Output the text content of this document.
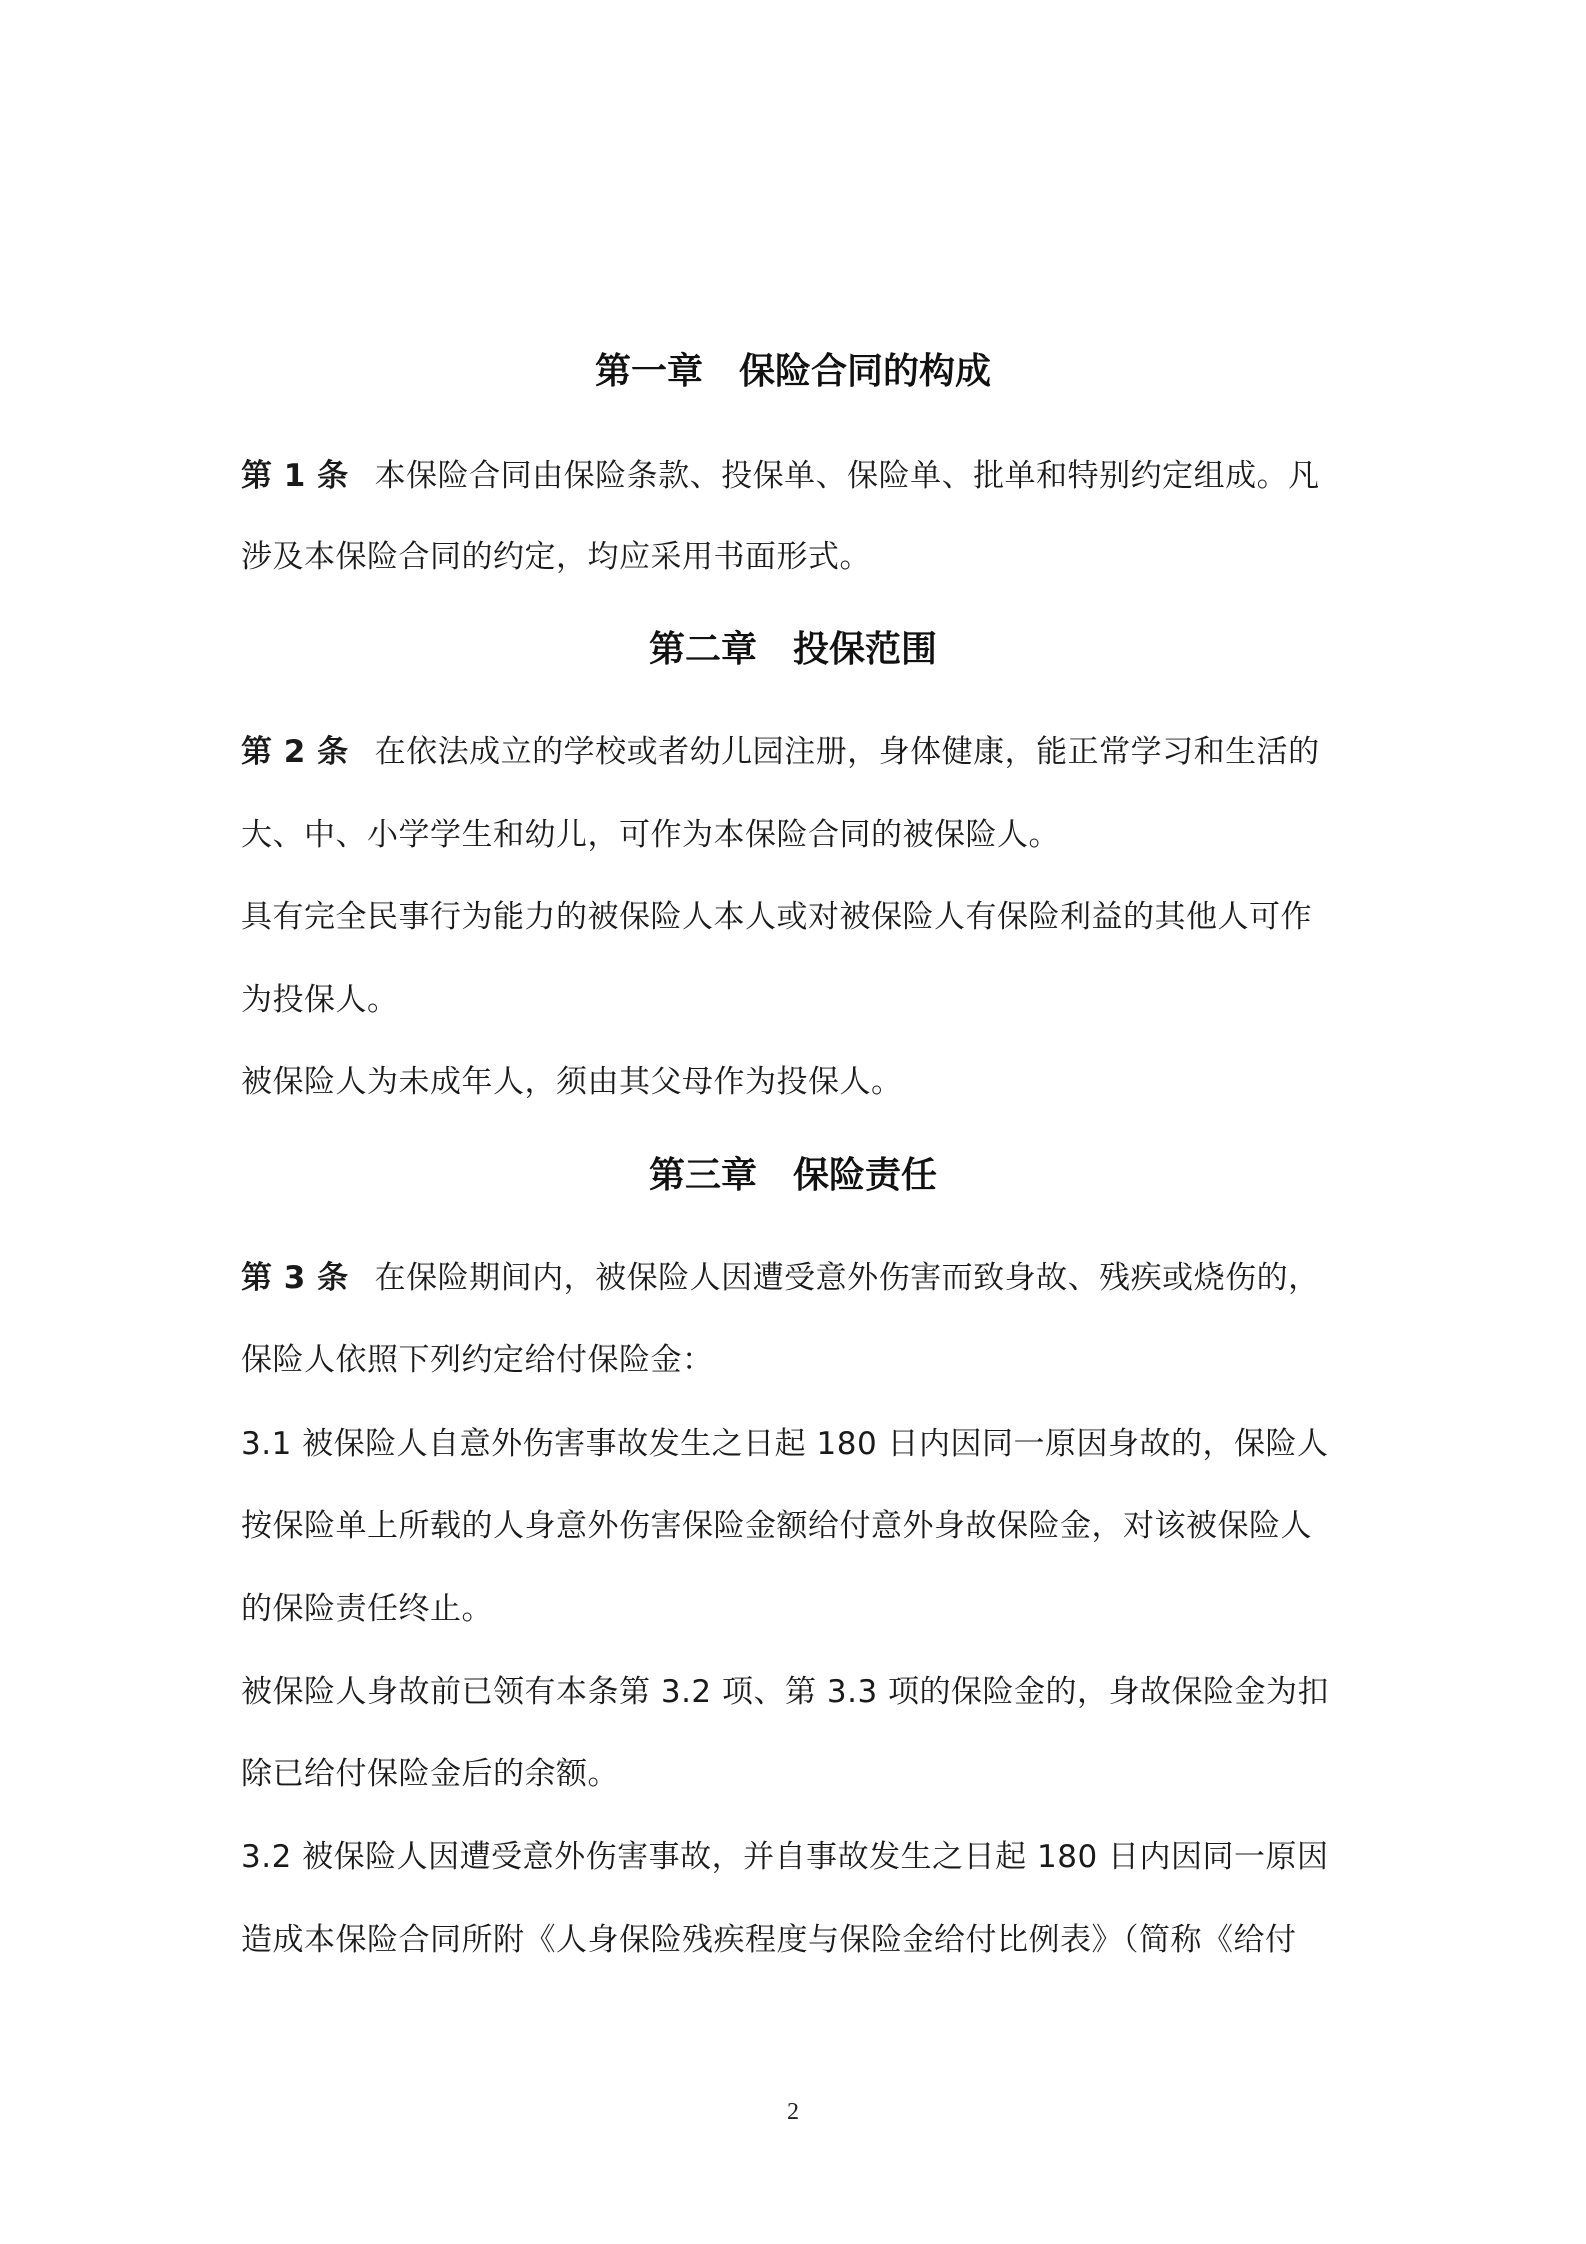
第一章　保险合同的构成
第 1 条 本保险合同由保险条款、投保单、保险单、批单和特别约定组成。凡
涉及本保险合同的约定，均应采用书面形式。
第二章　投保范围
第 2 条 在依法成立的学校或者幼儿园注册，身体健康，能正常学习和生活的
大、中、小学学生和幼儿，可作为本保险合同的被保险人。
具有完全民事行为能力的被保险人本人或对被保险人有保险利益的其他人可作
为投保人。
被保险人为未成年人，须由其父母作为投保人。
第三章　保险责任
第 3 条 在保险期间内，被保险人因遭受意外伤害而致身故、残疾或烧伤的，
保险人依照下列约定给付保险金：
3.1 被保险人自意外伤害事故发生之日起 180 日内因同一原因身故的，保险人
按保险单上所载的人身意外伤害保险金额给付意外身故保险金，对该被保险人
的保险责任终止。
被保险人身故前已领有本条第 3.2 项、第 3.3 项的保险金的，身故保险金为扣
除已给付保险金后的余额。
3.2 被保险人因遭受意外伤害事故，并自事故发生之日起 180 日内因同一原因
造成本保险合同所附《人身保险残疾程度与保险金给付比例表》（简称《给付
2
